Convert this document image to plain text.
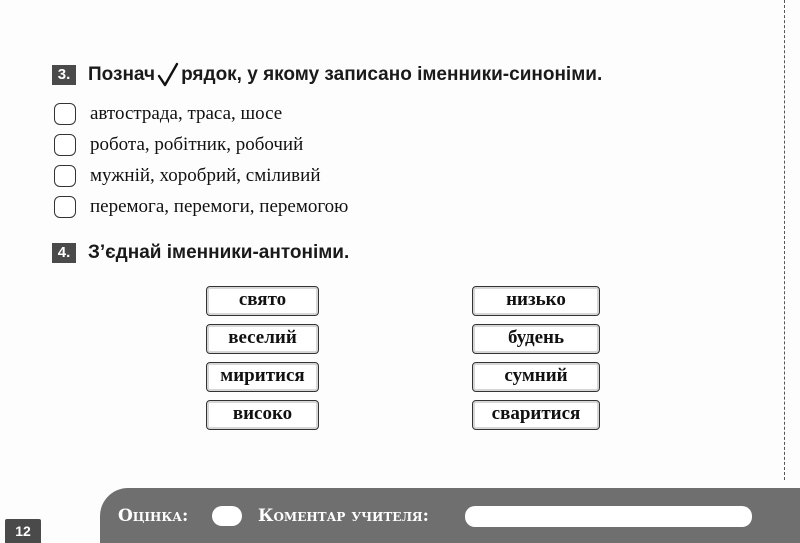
3. Познач рядок, у якому записано іменники-синоніми.
автострада, траса, шосе
робота, робітник, робочий
мужній, хоробрий, сміливий
перемога, перемоги, перемогою
4. З’єднай іменники-антоніми.
свято
веселий
миритися
високо
низько
будень
сумний
сваритися
Оцінка:	Коментар учителя:
12
